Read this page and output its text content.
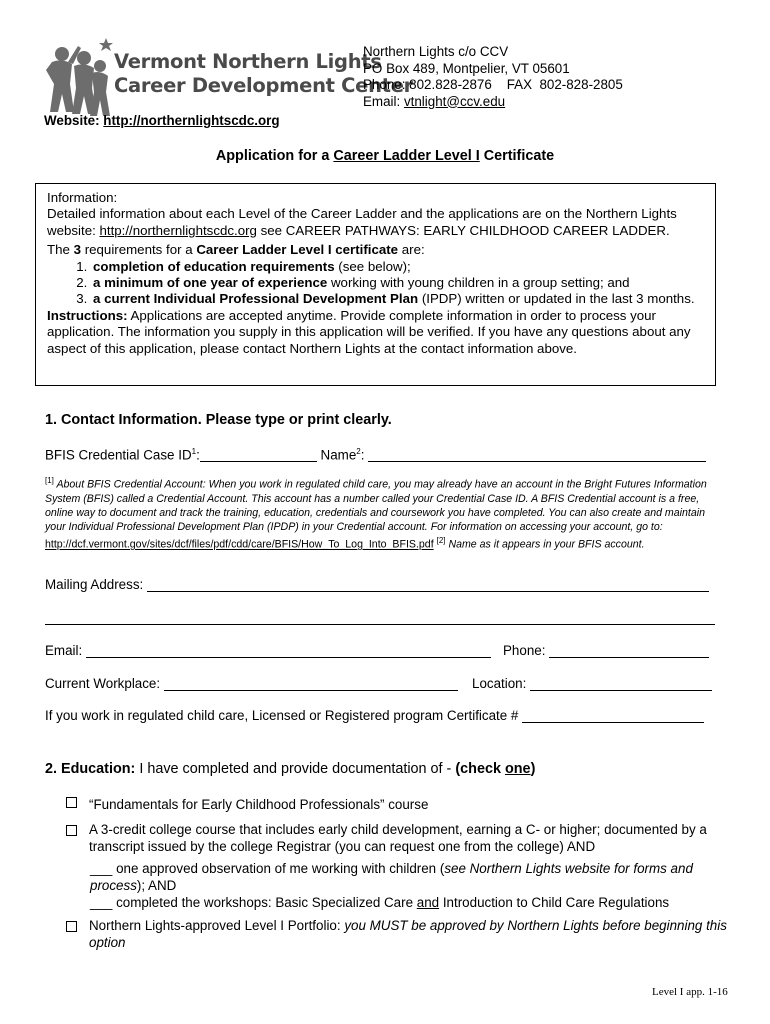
Vermont Northern Lights
Career Development Center
Northern Lights c/o CCV
PO Box 489, Montpelier, VT 05601
Phone: 802.828-2876    FAX  802-828-2805
Email: vtnlight@ccv.edu
Website: http://northernlightscdc.org
Application for a Career Ladder Level I Certificate

Information:

Detailed information about each Level of the Career Ladder and the applications are on the Northern Lights website: http://northernlightscdc.org see CAREER PATHWAYS: EARLY CHILDHOOD CAREER LADDER.

The 3 requirements for a Career Ladder Level I certificate are:

1. completion of education requirements (see below);
2. a minimum of one year of experience working with young children in a group setting; and
3. a current Individual Professional Development Plan (IPDP) written or updated in the last 3 months.

Instructions: Applications are accepted anytime. Provide complete information in order to process your application. The information you supply in this application will be verified. If you have any questions about any aspect of this application, please contact Northern Lights at the contact information above.

1. Contact Information. Please type or print clearly.
BFIS Credential Case $ID^1$:	Name$^2$:
[1] About BFIS Credential Account: When you work in regulated child care, you may already have an account in the Bright Futures Information System (BFIS) called a Credential Account. This account has a number called your Credential Case ID. A BFIS Credential account is a free, online way to document and track the training, education, credentials and coursework you have completed. You can also create and maintain your Individual Professional Development Plan (IPDP) in your Credential account. For information on accessing your account, go to: http://dcf.vermont.gov/sites/dcf/files/pdf/cdd/care/BFIS/How_To_Log_Into_BFIS.pdf [2] Name as it appears in your BFIS account.
Mailing Address:
Email:	Phone:
Current Workplace:	Location:
If you work in regulated child care, Licensed or Registered program Certificate #
2. Education: I have completed and provide documentation of - (check one)
“Fundamentals for Early Childhood Professionals” course
A 3-credit college course that includes early child development, earning a C- or higher; documented by a transcript issued by the college Registrar (you can request one from the college) AND
___ one approved observation of me working with children (see Northern Lights website for forms and process); AND
___ completed the workshops: Basic Specialized Care and Introduction to Child Care Regulations
Northern Lights-approved Level I Portfolio: you MUST be approved by Northern Lights before beginning this option
Level I app. 1-16
